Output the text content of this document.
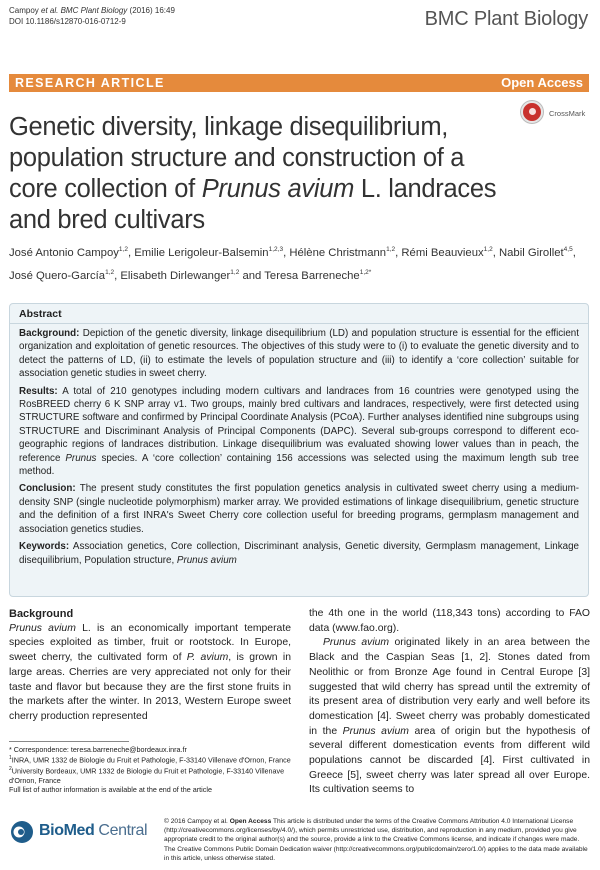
Campoy et al. BMC Plant Biology (2016) 16:49
DOI 10.1186/s12870-016-0712-9	BMC Plant Biology
RESEARCH ARTICLE	Open Access
CrossMark
Genetic diversity, linkage disequilibrium, population structure and construction of a core collection of Prunus avium L. landraces and bred cultivars
José Antonio Campoy$^{1,2}$, Emilie Lerigoleur-Balsemin$^{1,2,3}$, Hélène Christmann$^{1,2}$, Rémi Beauvieux$^{1,2}$, Nabil Girollet$^{4,5}$,
José Quero-García$^{1,2}$, Elisabeth Dirlewanger$^{1,2}$ and Teresa Barreneche$^{1,2*}$
Abstract

Background: Depiction of the genetic diversity, linkage disequilibrium (LD) and population structure is essential for the efficient organization and exploitation of genetic resources. The objectives of this study were to (i) to evaluate the genetic diversity and to detect the patterns of LD, (ii) to estimate the levels of population structure and (iii) to identify a ‘core collection’ suitable for association genetic studies in sweet cherry.

Results: A total of 210 genotypes including modern cultivars and landraces from 16 countries were genotyped using the RosBREED cherry 6 K SNP array v1. Two groups, mainly bred cultivars and landraces, respectively, were first detected using STRUCTURE software and confirmed by Principal Coordinate Analysis (PCoA). Further analyses identified nine subgroups using STRUCTURE and Discriminant Analysis of Principal Components (DAPC). Several sub-groups correspond to different eco-geographic regions of landraces distribution. Linkage disequilibrium was evaluated showing lower values than in peach, the reference Prunus species. A ‘core collection’ containing 156 accessions was selected using the maximum length sub tree method.

Conclusion: The present study constitutes the first population genetics analysis in cultivated sweet cherry using a medium-density SNP (single nucleotide polymorphism) marker array. We provided estimations of linkage disequilibrium, genetic structure and the definition of a first INRA's Sweet Cherry core collection useful for breeding programs, germplasm management and association genetics studies.

Keywords: Association genetics, Core collection, Discriminant analysis, Genetic diversity, Germplasm management, Linkage disequilibrium, Population structure, Prunus avium

Background

Prunus avium L. is an economically important temperate species exploited as timber, fruit or rootstock. In Europe, sweet cherry, the cultivated form of P. avium, is grown in large areas. Cherries are very appreciated not only for their taste and flavor but because they are the first stone fruits in the markets after the winter. In 2013, Western Europe sweet cherry production represented

the 4th one in the world (118,343 tons) according to FAO data (www.fao.org).

Prunus avium originated likely in an area between the Black and the Caspian Seas [1, 2]. Stones dated from Neolithic or from Bronze Age found in Central Europe [3] suggested that wild cherry has spread until the extremity of its present area of distribution very early and well before its domestication [4]. Sweet cherry was probably domesticated in the Prunus avium area of origin but the hypothesis of several different domestication events from different wild populations cannot be discarded [4]. First cultivated in Greece [5], sweet cherry was later spread all over Europe. Its cultivation seems to

* Correspondence: teresa.barreneche@bordeaux.inra.fr
$^1$INRA, UMR 1332 de Biologie du Fruit et Pathologie, F-33140 Villenave d'Ornon, France
$^2$University Bordeaux, UMR 1332 de Biologie du Fruit et Pathologie, F-33140 Villenave d'Ornon, France
Full list of author information is available at the end of the article
BioMed Central
© 2016 Campoy et al. Open Access This article is distributed under the terms of the Creative Commons Attribution 4.0 International License (http://creativecommons.org/licenses/by/4.0/), which permits unrestricted use, distribution, and reproduction in any medium, provided you give appropriate credit to the original author(s) and the source, provide a link to the Creative Commons license, and indicate if changes were made. The Creative Commons Public Domain Dedication waiver (http://creativecommons.org/publicdomain/zero/1.0/) applies to the data made available in this article, unless otherwise stated.
